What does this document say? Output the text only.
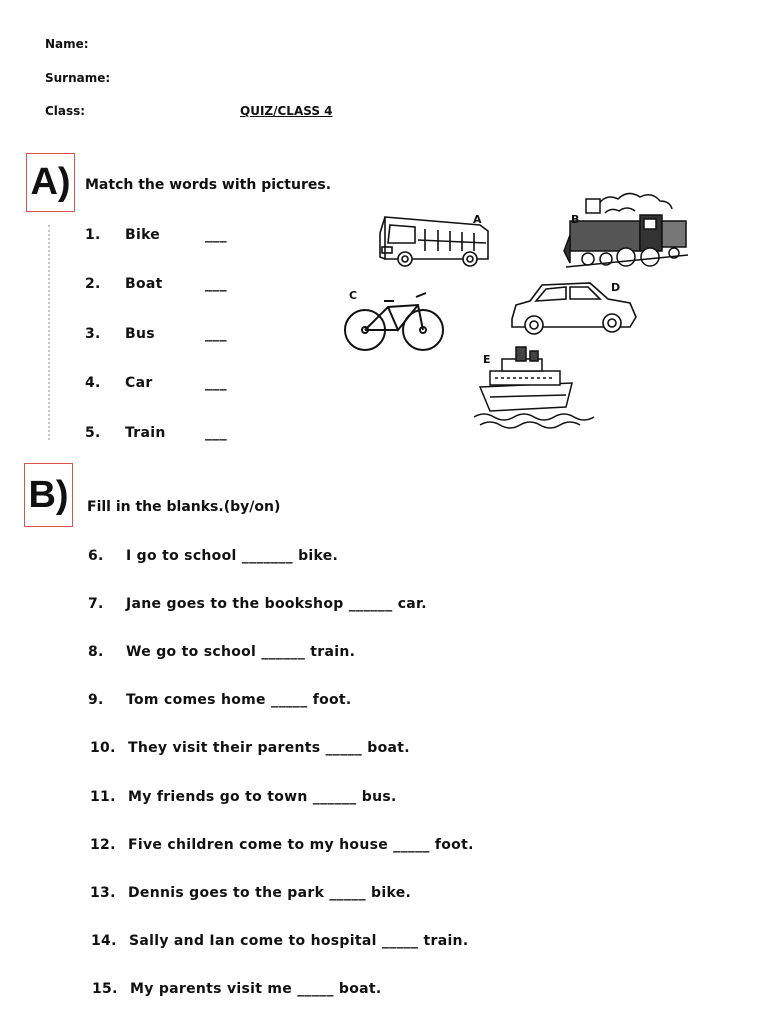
Name:
Surname:
Class:	QUIZ/CLASS 4
A)	Match the words with pictures.
1. Bike	___
2. Boat	___
3. Bus	___
4. Car	___
5. Train	___
A	B
C
D
E
B)	Fill in the blanks.(by/on)
6. I go to school _______ bike.
7. Jane goes to the bookshop ______ car.
8. We go to school ______ train.
9. Tom comes home _____ foot.
10. They visit their parents _____ boat.
11. My friends go to town ______ bus.
12. Five children come to my house _____ foot.
13. Dennis goes to the park _____ bike.
14. Sally and Ian come to hospital _____ train.
15. My parents visit me _____ boat.
